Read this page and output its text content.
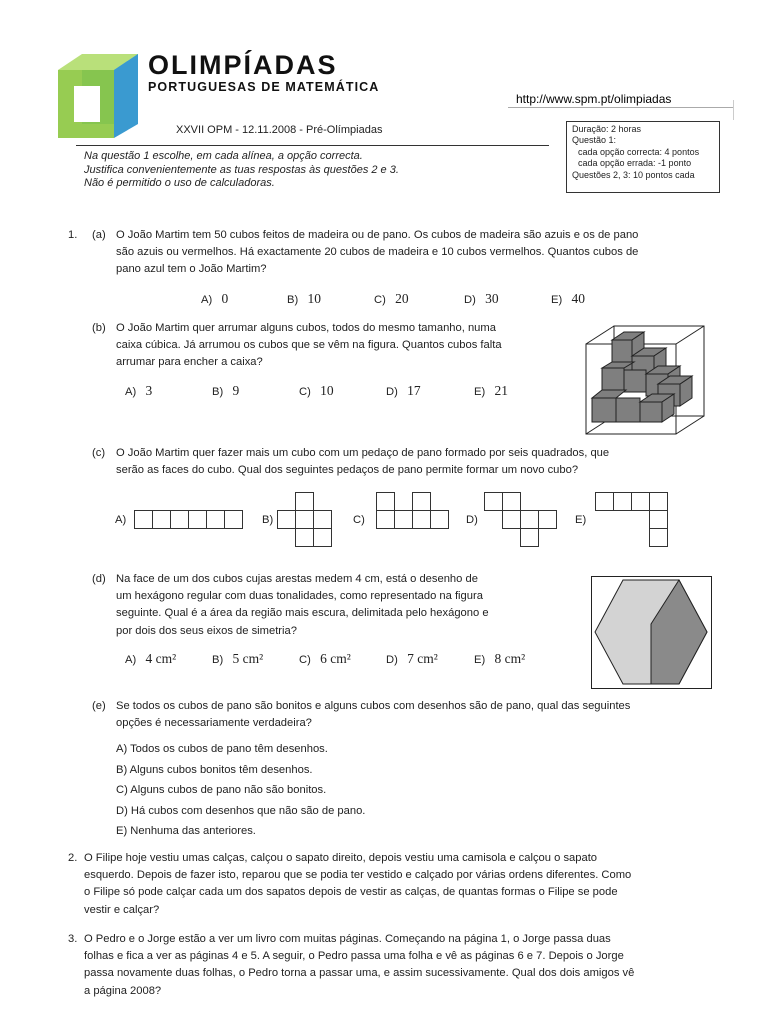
OLIMPÍADAS
PORTUGUESAS DE MATEMÁTICA
http://www.spm.pt/olimpiadas
XXVII OPM - 12.11.2008 - Pré-Olímpiadas
Na questão 1 escolhe, em cada alínea, a opção correcta.
Justifica convenientemente as tuas respostas às questões 2 e 3.
Não é permitido o uso de calculadoras.
Duração: 2 horas
Questão 1:
cada opção correcta: 4 pontos
cada opção errada: -1 ponto
Questões 2, 3: 10 pontos cada
1. (a) O João Martim tem 50 cubos feitos de madeira ou de pano. Os cubos de madeira são azuis e os de pano
são azuis ou vermelhos. Há exactamente 20 cubos de madeira e 10 cubos vermelhos. Quantos cubos de
pano azul tem o João Martim?
A) 0	B) 10	C) 20	D) 30	E) 40
(b) O João Martim quer arrumar alguns cubos, todos do mesmo tamanho, numa
caixa cúbica. Já arrumou os cubos que se vêm na figura. Quantos cubos falta
arrumar para encher a caixa?
A) 3	B) 9	C) 10	D) 17	E) 21
(c) O João Martim quer fazer mais um cubo com um pedaço de pano formado por seis quadrados, que
serão as faces do cubo. Qual dos seguintes pedaços de pano permite formar um novo cubo?
A)	B)	C)	D)	E)
(d) Na face de um dos cubos cujas arestas medem 4 cm, está o desenho de
um hexágono regular com duas tonalidades, como representado na figura
seguinte. Qual é a área da região mais escura, delimitada pelo hexágono e
por dois dos seus eixos de simetria?
A) 4 cm²	B) 5 cm²	C) 6 cm²	D) 7 cm²	E) 8 cm²
(e) Se todos os cubos de pano são bonitos e alguns cubos com desenhos são de pano, qual das seguintes
opções é necessariamente verdadeira?
A) Todos os cubos de pano têm desenhos.
B) Alguns cubos bonitos têm desenhos.
C) Alguns cubos de pano não são bonitos.
D) Há cubos com desenhos que não são de pano.
E) Nenhuma das anteriores.
2. O Filipe hoje vestiu umas calças, calçou o sapato direito, depois vestiu uma camisola e calçou o sapato
esquerdo. Depois de fazer isto, reparou que se podia ter vestido e calçado por várias ordens diferentes. Como
o Filipe só pode calçar cada um dos sapatos depois de vestir as calças, de quantas formas o Filipe se pode
vestir e calçar?
3. O Pedro e o Jorge estão a ver um livro com muitas páginas. Começando na página 1, o Jorge passa duas
folhas e fica a ver as páginas 4 e 5. A seguir, o Pedro passa uma folha e vê as páginas 6 e 7. Depois o Jorge
passa novamente duas folhas, o Pedro torna a passar uma, e assim sucessivamente. Qual dos dois amigos vê
a página 2008?
